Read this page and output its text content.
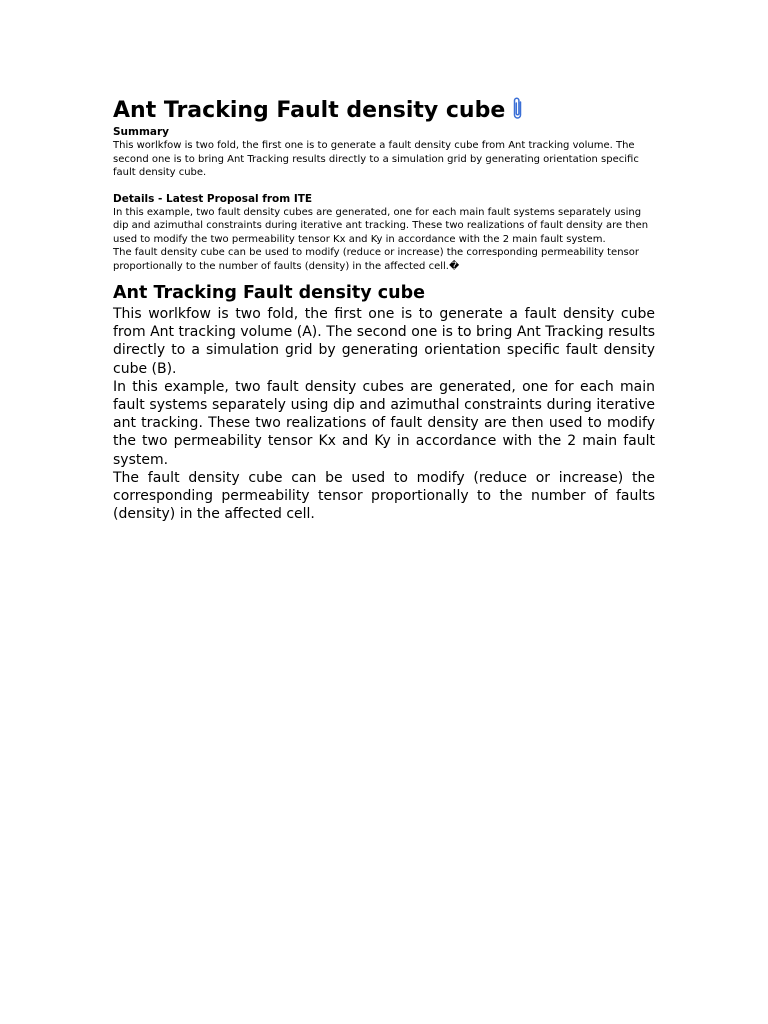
Ant Tracking Fault density cube

Summary

This worlkfow is two fold, the first one is to generate a fault density cube from Ant tracking volume. The second one is to bring Ant Tracking results directly to a simulation grid by generating orientation specific fault density cube.

Details - Latest Proposal from ITE

In this example, two fault density cubes are generated, one for each main fault systems separately using dip and azimuthal constraints during iterative ant tracking. These two realizations of fault density are then used to modify the two permeability tensor Kx and Ky in accordance with the 2 main fault system.

The fault density cube can be used to modify (reduce or increase) the corresponding permeability tensor proportionally to the number of faults (density) in the affected cell.�

Ant Tracking Fault density cube

This worlkfow is two fold, the first one is to generate a fault density cube from Ant tracking volume (A). The second one is to bring Ant Tracking results directly to a simulation grid by generating orientation specific fault density cube (B).

In this example, two fault density cubes are generated, one for each main fault systems separately using dip and azimuthal constraints during iterative ant tracking. These two realizations of fault density are then used to modify the two permeability tensor Kx and Ky in accordance with the 2 main fault system.

The fault density cube can be used to modify (reduce or increase) the corresponding permeability tensor proportionally to the number of faults (density) in the affected cell.
